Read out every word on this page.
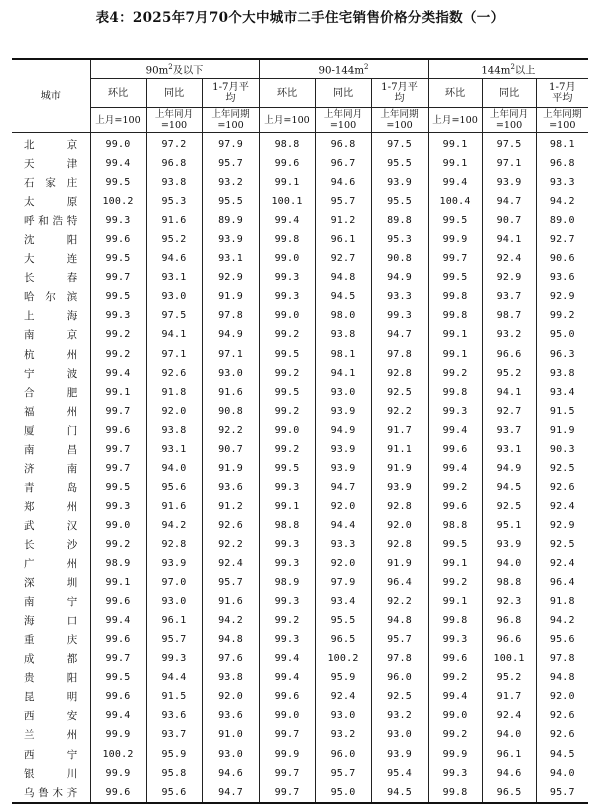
表4：2025年7月70个大中城市二手住宅销售价格分类指数（一）
城市	$90m^2$及以下			$90-144m^2$			$144m^2$以上		
	环比	同比	1-7月平均	环比	同比	1-7月平均	环比	同比	1-7月平均
	上月=100	上年同月=100	上年同期=100	上月=100	上年同月=100	上年同期=100	上月=100	上年同月=100	上年同期=100
北京	99.0	97.2	97.9	98.8	96.8	97.5	99.1	97.5	98.1
天津	99.4	96.8	95.7	99.6	96.7	95.5	99.1	97.1	96.8
石家庄	99.5	93.8	93.2	99.1	94.6	93.9	99.4	93.9	93.3
太原	100.2	95.3	95.5	100.1	95.7	95.5	100.4	94.7	94.2
呼和浩特	99.3	91.6	89.9	99.4	91.2	89.8	99.5	90.7	89.0
沈阳	99.6	95.2	93.9	99.8	96.1	95.3	99.9	94.1	92.7
大连	99.5	94.6	93.1	99.0	92.7	90.8	99.7	92.4	90.6
长春	99.7	93.1	92.9	99.3	94.8	94.9	99.5	92.9	93.6
哈尔滨	99.5	93.0	91.9	99.3	94.5	93.3	99.8	93.7	92.9
上海	99.3	97.5	97.8	99.0	98.0	99.3	99.8	98.7	99.2
南京	99.2	94.1	94.9	99.2	93.8	94.7	99.1	93.2	95.0
杭州	99.2	97.1	97.1	99.5	98.1	97.8	99.1	96.6	96.3
宁波	99.4	92.6	93.0	99.2	94.1	92.8	99.2	95.2	93.8
合肥	99.1	91.8	91.6	99.5	93.0	92.5	99.8	94.1	93.4
福州	99.7	92.0	90.8	99.2	93.9	92.2	99.3	92.7	91.5
厦门	99.6	93.8	92.2	99.0	94.9	91.7	99.4	93.7	91.9
南昌	99.7	93.1	90.7	99.2	93.9	91.1	99.6	93.1	90.3
济南	99.7	94.0	91.9	99.5	93.9	91.9	99.4	94.9	92.5
青岛	99.5	95.6	93.6	99.3	94.7	93.9	99.2	94.5	92.6
郑州	99.3	91.6	91.2	99.1	92.0	92.8	99.6	92.5	92.4
武汉	99.0	94.2	92.6	98.8	94.4	92.0	98.8	95.1	92.9
长沙	99.2	92.8	92.2	99.3	93.3	92.8	99.5	93.9	92.5
广州	98.9	93.9	92.4	99.3	92.0	91.9	99.1	94.0	92.4
深圳	99.1	97.0	95.7	98.9	97.9	96.4	99.2	98.8	96.4
南宁	99.6	93.0	91.6	99.3	93.4	92.2	99.1	92.3	91.8
海口	99.4	96.1	94.2	99.2	95.5	94.8	99.8	96.8	94.2
重庆	99.6	95.7	94.8	99.3	96.5	95.7	99.3	96.6	95.6
成都	99.7	99.3	97.6	99.4	100.2	97.8	99.6	100.1	97.8
贵阳	99.5	94.4	93.8	99.4	95.9	96.0	99.2	95.2	94.8
昆明	99.6	91.5	92.0	99.6	92.4	92.5	99.4	91.7	92.0
西安	99.4	93.6	93.6	99.0	93.0	93.2	99.0	92.4	92.6
兰州	99.9	93.7	91.0	99.7	93.2	93.0	99.2	94.0	92.6
西宁	100.2	95.9	93.0	99.9	96.0	93.9	99.9	96.1	94.5
银川	99.9	95.8	94.6	99.7	95.7	95.4	99.3	94.6	94.0
乌鲁木齐	99.6	95.6	94.7	99.7	95.0	94.5	99.8	96.5	95.7
